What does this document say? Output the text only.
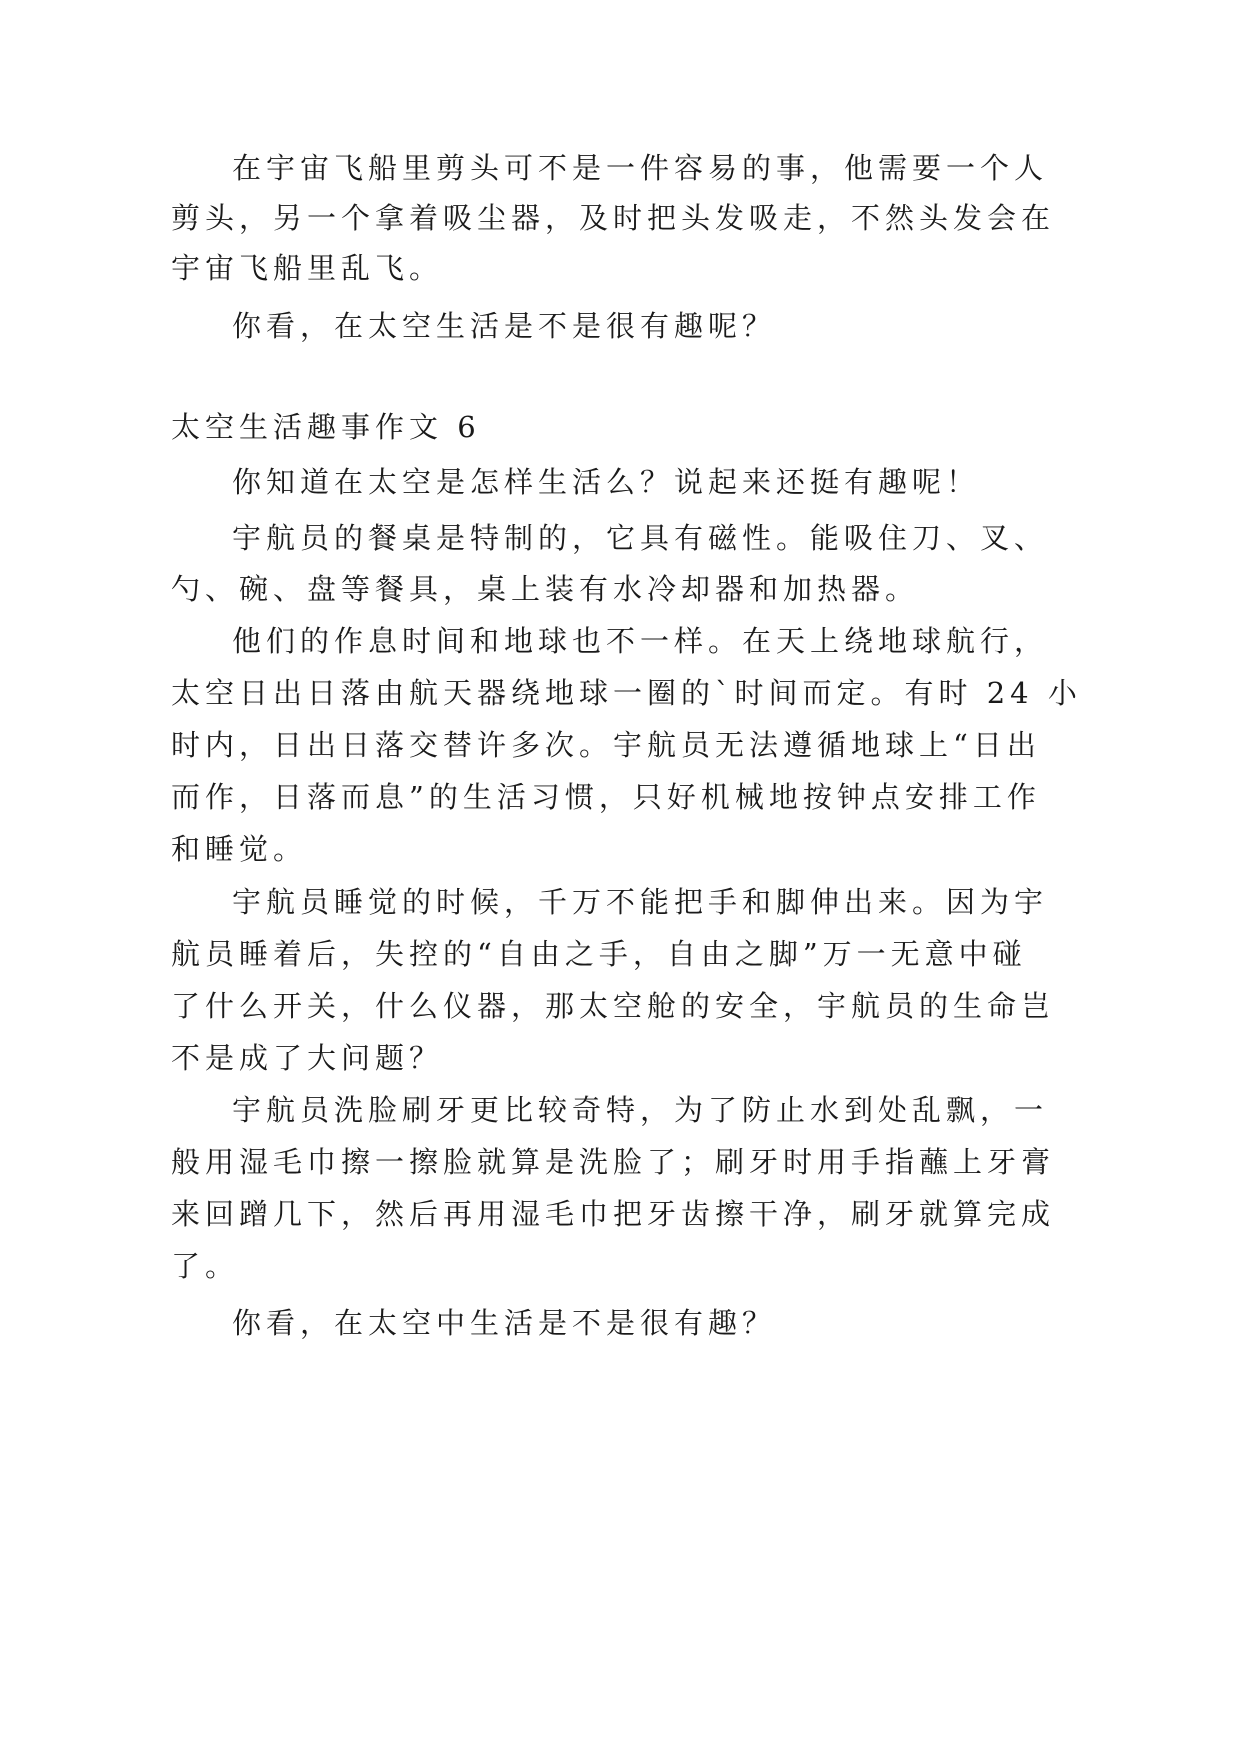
在宇宙飞船里剪头可不是一件容易的事，他需要一个人
剪头，另一个拿着吸尘器，及时把头发吸走，不然头发会在
宇宙飞船里乱飞。
你看，在太空生活是不是很有趣呢？
太空生活趣事作文 6
你知道在太空是怎样生活么？说起来还挺有趣呢！
宇航员的餐桌是特制的，它具有磁性。能吸住刀、叉、
勺、碗、盘等餐具，桌上装有水冷却器和加热器。
他们的作息时间和地球也不一样。在天上绕地球航行，
太空日出日落由航天器绕地球一圈的`时间而定。有时 24 小
时内，日出日落交替许多次。宇航员无法遵循地球上“日出
而作，日落而息”的生活习惯，只好机械地按钟点安排工作
和睡觉。
宇航员睡觉的时候，千万不能把手和脚伸出来。因为宇
航员睡着后，失控的“自由之手，自由之脚”万一无意中碰
了什么开关，什么仪器，那太空舱的安全，宇航员的生命岂
不是成了大问题？
宇航员洗脸刷牙更比较奇特，为了防止水到处乱飘，一
般用湿毛巾擦一擦脸就算是洗脸了；刷牙时用手指蘸上牙膏
来回蹭几下，然后再用湿毛巾把牙齿擦干净，刷牙就算完成
了。
你看，在太空中生活是不是很有趣？
